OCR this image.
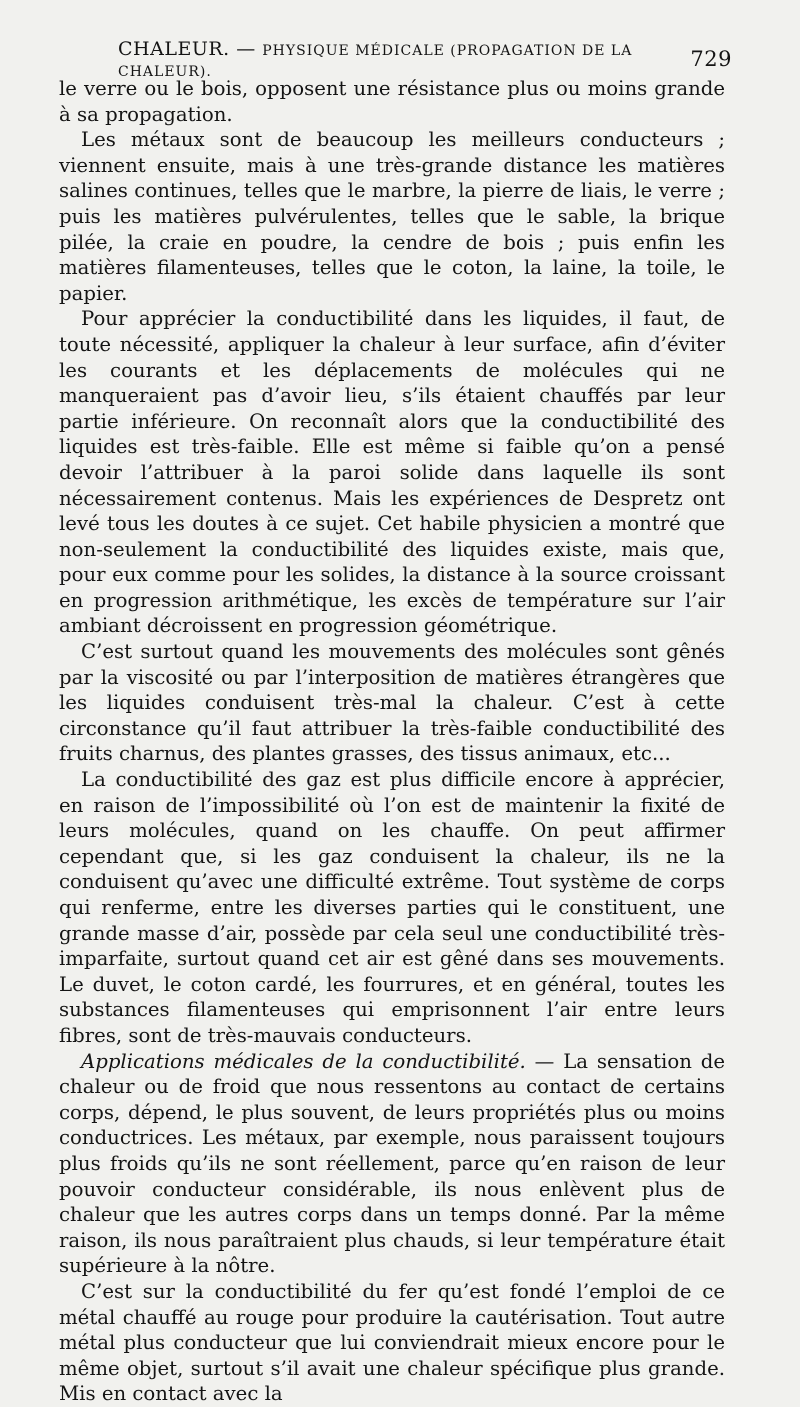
CHALEUR. — PHYSIQUE MÉDICALE (PROPAGATION DE LA CHALEUR).
729

le verre ou le bois, opposent une résistance plus ou moins grande à sa propagation.

Les métaux sont de beaucoup les meilleurs conducteurs ; viennent ensuite, mais à une très-grande distance les matières salines continues, telles que le marbre, la pierre de liais, le verre ; puis les matières pulvérulentes, telles que le sable, la brique pilée, la craie en poudre, la cendre de bois ; puis enfin les matières filamenteuses, telles que le coton, la laine, la toile, le papier.

Pour apprécier la conductibilité dans les liquides, il faut, de toute nécessité, appliquer la chaleur à leur surface, afin d’éviter les courants et les déplacements de molécules qui ne manqueraient pas d’avoir lieu, s’ils étaient chauffés par leur partie inférieure. On reconnaît alors que la conductibilité des liquides est très-faible. Elle est même si faible qu’on a pensé devoir l’attribuer à la paroi solide dans laquelle ils sont nécessairement contenus. Mais les expériences de Despretz ont levé tous les doutes à ce sujet. Cet habile physicien a montré que non-seulement la conductibilité des liquides existe, mais que, pour eux comme pour les solides, la distance à la source croissant en progression arithmétique, les excès de température sur l’air ambiant décroissent en progression géométrique.

C’est surtout quand les mouvements des molécules sont gênés par la viscosité ou par l’interposition de matières étrangères que les liquides conduisent très-mal la chaleur. C’est à cette circonstance qu’il faut attribuer la très-faible conductibilité des fruits charnus, des plantes grasses, des tissus animaux, etc...

La conductibilité des gaz est plus difficile encore à apprécier, en raison de l’impossibilité où l’on est de maintenir la fixité de leurs molécules, quand on les chauffe. On peut affirmer cependant que, si les gaz conduisent la chaleur, ils ne la conduisent qu’avec une difficulté extrême. Tout système de corps qui renferme, entre les diverses parties qui le constituent, une grande masse d’air, possède par cela seul une conductibilité très-imparfaite, surtout quand cet air est gêné dans ses mouvements. Le duvet, le coton cardé, les fourrures, et en général, toutes les substances filamenteuses qui emprisonnent l’air entre leurs fibres, sont de très-mauvais conducteurs.

Applications médicales de la conductibilité. — La sensation de chaleur ou de froid que nous ressentons au contact de certains corps, dépend, le plus souvent, de leurs propriétés plus ou moins conductrices. Les métaux, par exemple, nous paraissent toujours plus froids qu’ils ne sont réellement, parce qu’en raison de leur pouvoir conducteur considérable, ils nous enlèvent plus de chaleur que les autres corps dans un temps donné. Par la même raison, ils nous paraîtraient plus chauds, si leur température était supérieure à la nôtre.

C’est sur la conductibilité du fer qu’est fondé l’emploi de ce métal chauffé au rouge pour produire la cautérisation. Tout autre métal plus conducteur que lui conviendrait mieux encore pour le même objet, surtout s’il avait une chaleur spécifique plus grande. Mis en contact avec la
